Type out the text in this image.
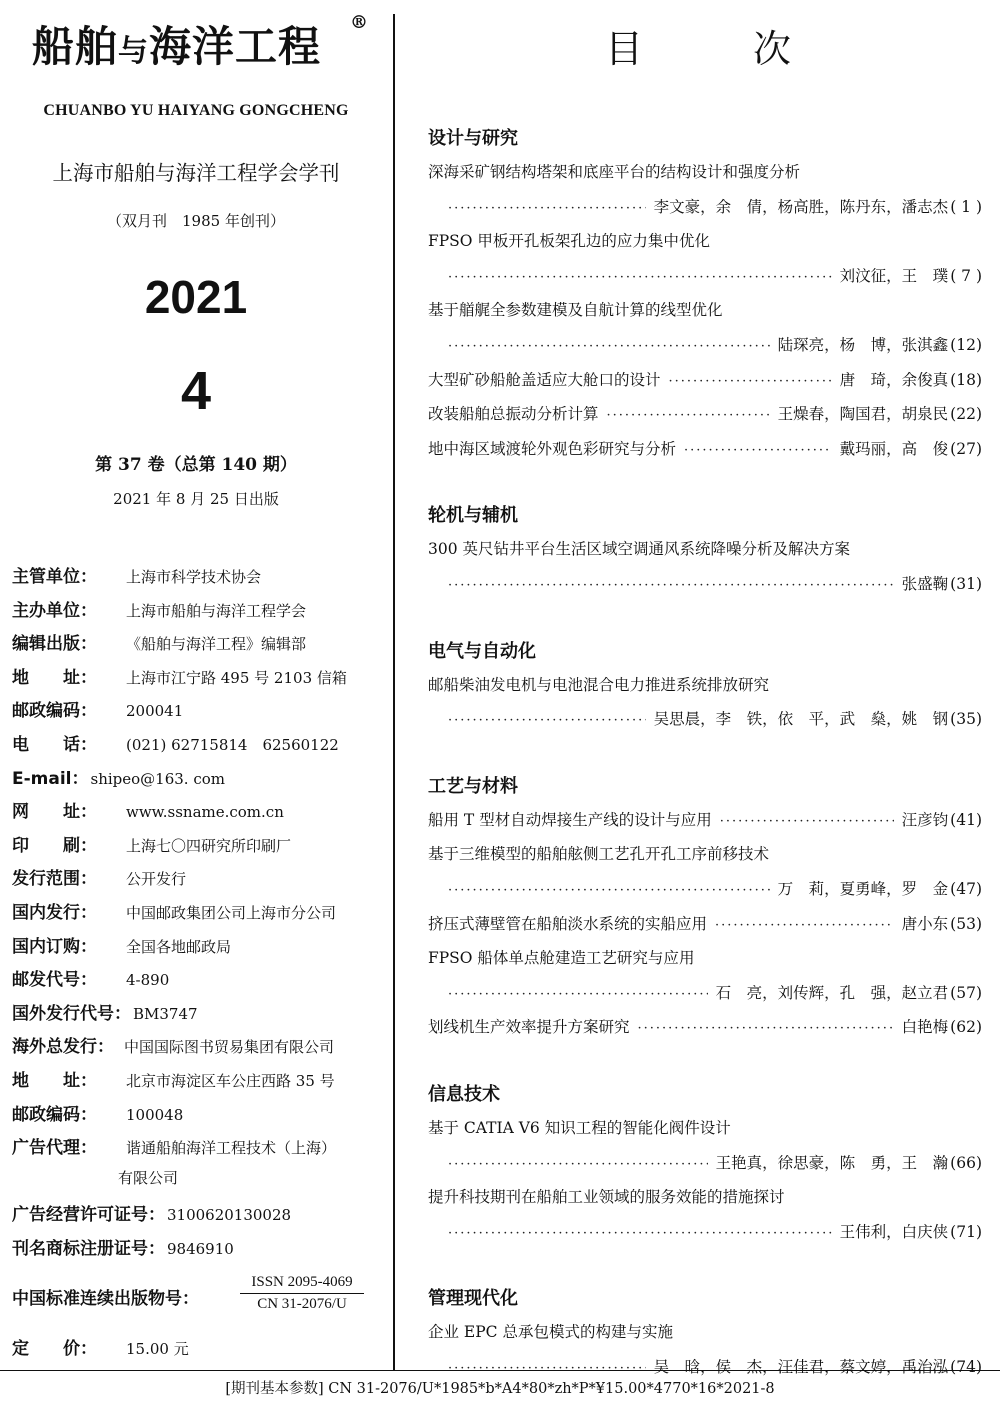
船舶与海洋工程 ®
CHUANBO YU HAIYANG GONGCHENG
上海市船舶与海洋工程学会学刊
（双月刊　1985 年创刊）
2021
4
第 37 卷（总第 140 期）
2021 年 8 月 25 日出版
主管单位：	上海市科学技术协会
主办单位：	上海市船舶与海洋工程学会
编辑出版：	《船舶与海洋工程》编辑部
地　　址：	上海市江宁路 495 号 2103 信箱
邮政编码：	200041
电　　话：	(021) 62715814　62560122
E-mail： shipeo@163. com
网　　址：	www.ssname.com.cn
印　　刷：	上海七〇四研究所印刷厂
发行范围：	公开发行
国内发行：	中国邮政集团公司上海市分公司
国内订购：	全国各地邮政局
邮发代号：	4-890
国外发行代号： BM3747
海外总发行： 中国国际图书贸易集团有限公司
地　　址：	北京市海淀区车公庄西路 35 号
邮政编码：	100048
广告代理：	谐通船舶海洋工程技术（上海）
有限公司
广告经营许可证号： 3100620130028
刊名商标注册证号： 9846910
中国标准连续出版物号：
ISSN 2095-4069
CN 31-2076/U
定　　价：	15.00 元
目次
设计与研究
深海采矿钢结构塔架和底座平台的结构设计和强度分析
·····
李文豪，余　倩，杨高胜，陈丹东，潘志杰 ( 1 )
FPSO 甲板开孔板架孔边的应力集中优化
·····
刘汶征，王　璞 ( 7 )
基于艏艉全参数建模及自航计算的线型优化
·····
陆琛亮，杨　博，张淇鑫 (12)
大型矿砂船舱盖适应大舱口的设计 ·····	唐　琦，余俊真 (18)
改装船舶总振动分析计算 ·····	王燥春，陶国君，胡泉民 (22)
地中海区域渡轮外观色彩研究与分析 ·····	戴玛丽，高　俊 (27)
轮机与辅机
300 英尺钻井平台生活区域空调通风系统降噪分析及解决方案
·····
张盛鞠 (31)
电气与自动化
邮船柴油发电机与电池混合电力推进系统排放研究
·····
吴思晨，李　铁，依　平，武　燊，姚　钢 (35)
工艺与材料
船用 T 型材自动焊接生产线的设计与应用 ·····	汪彦钧 (41)
基于三维模型的船舶舷侧工艺孔开孔工序前移技术
·····
万　莉，夏勇峰，罗　金 (47)
挤压式薄壁管在船舶淡水系统的实船应用 ·····	唐小东 (53)
FPSO 船体单点舱建造工艺研究与应用
·····
石　亮，刘传辉，孔　强，赵立君 (57)
划线机生产效率提升方案研究 ·····	白艳梅 (62)
信息技术
基于 CATIA V6 知识工程的智能化阀件设计
·····
王艳真，徐思豪，陈　勇，王　瀚 (66)
提升科技期刊在船舶工业领域的服务效能的措施探讨
·····
王伟利，白庆侠 (71)
管理现代化
企业 EPC 总承包模式的构建与实施
·····
吴　晗，侯　杰，汪佳君，蔡文婷，禹治泓 (74)
[期刊基本参数] CN 31-2076/U*1985*b*A4*80*zh*P*¥15.00*4770*16*2021-8
